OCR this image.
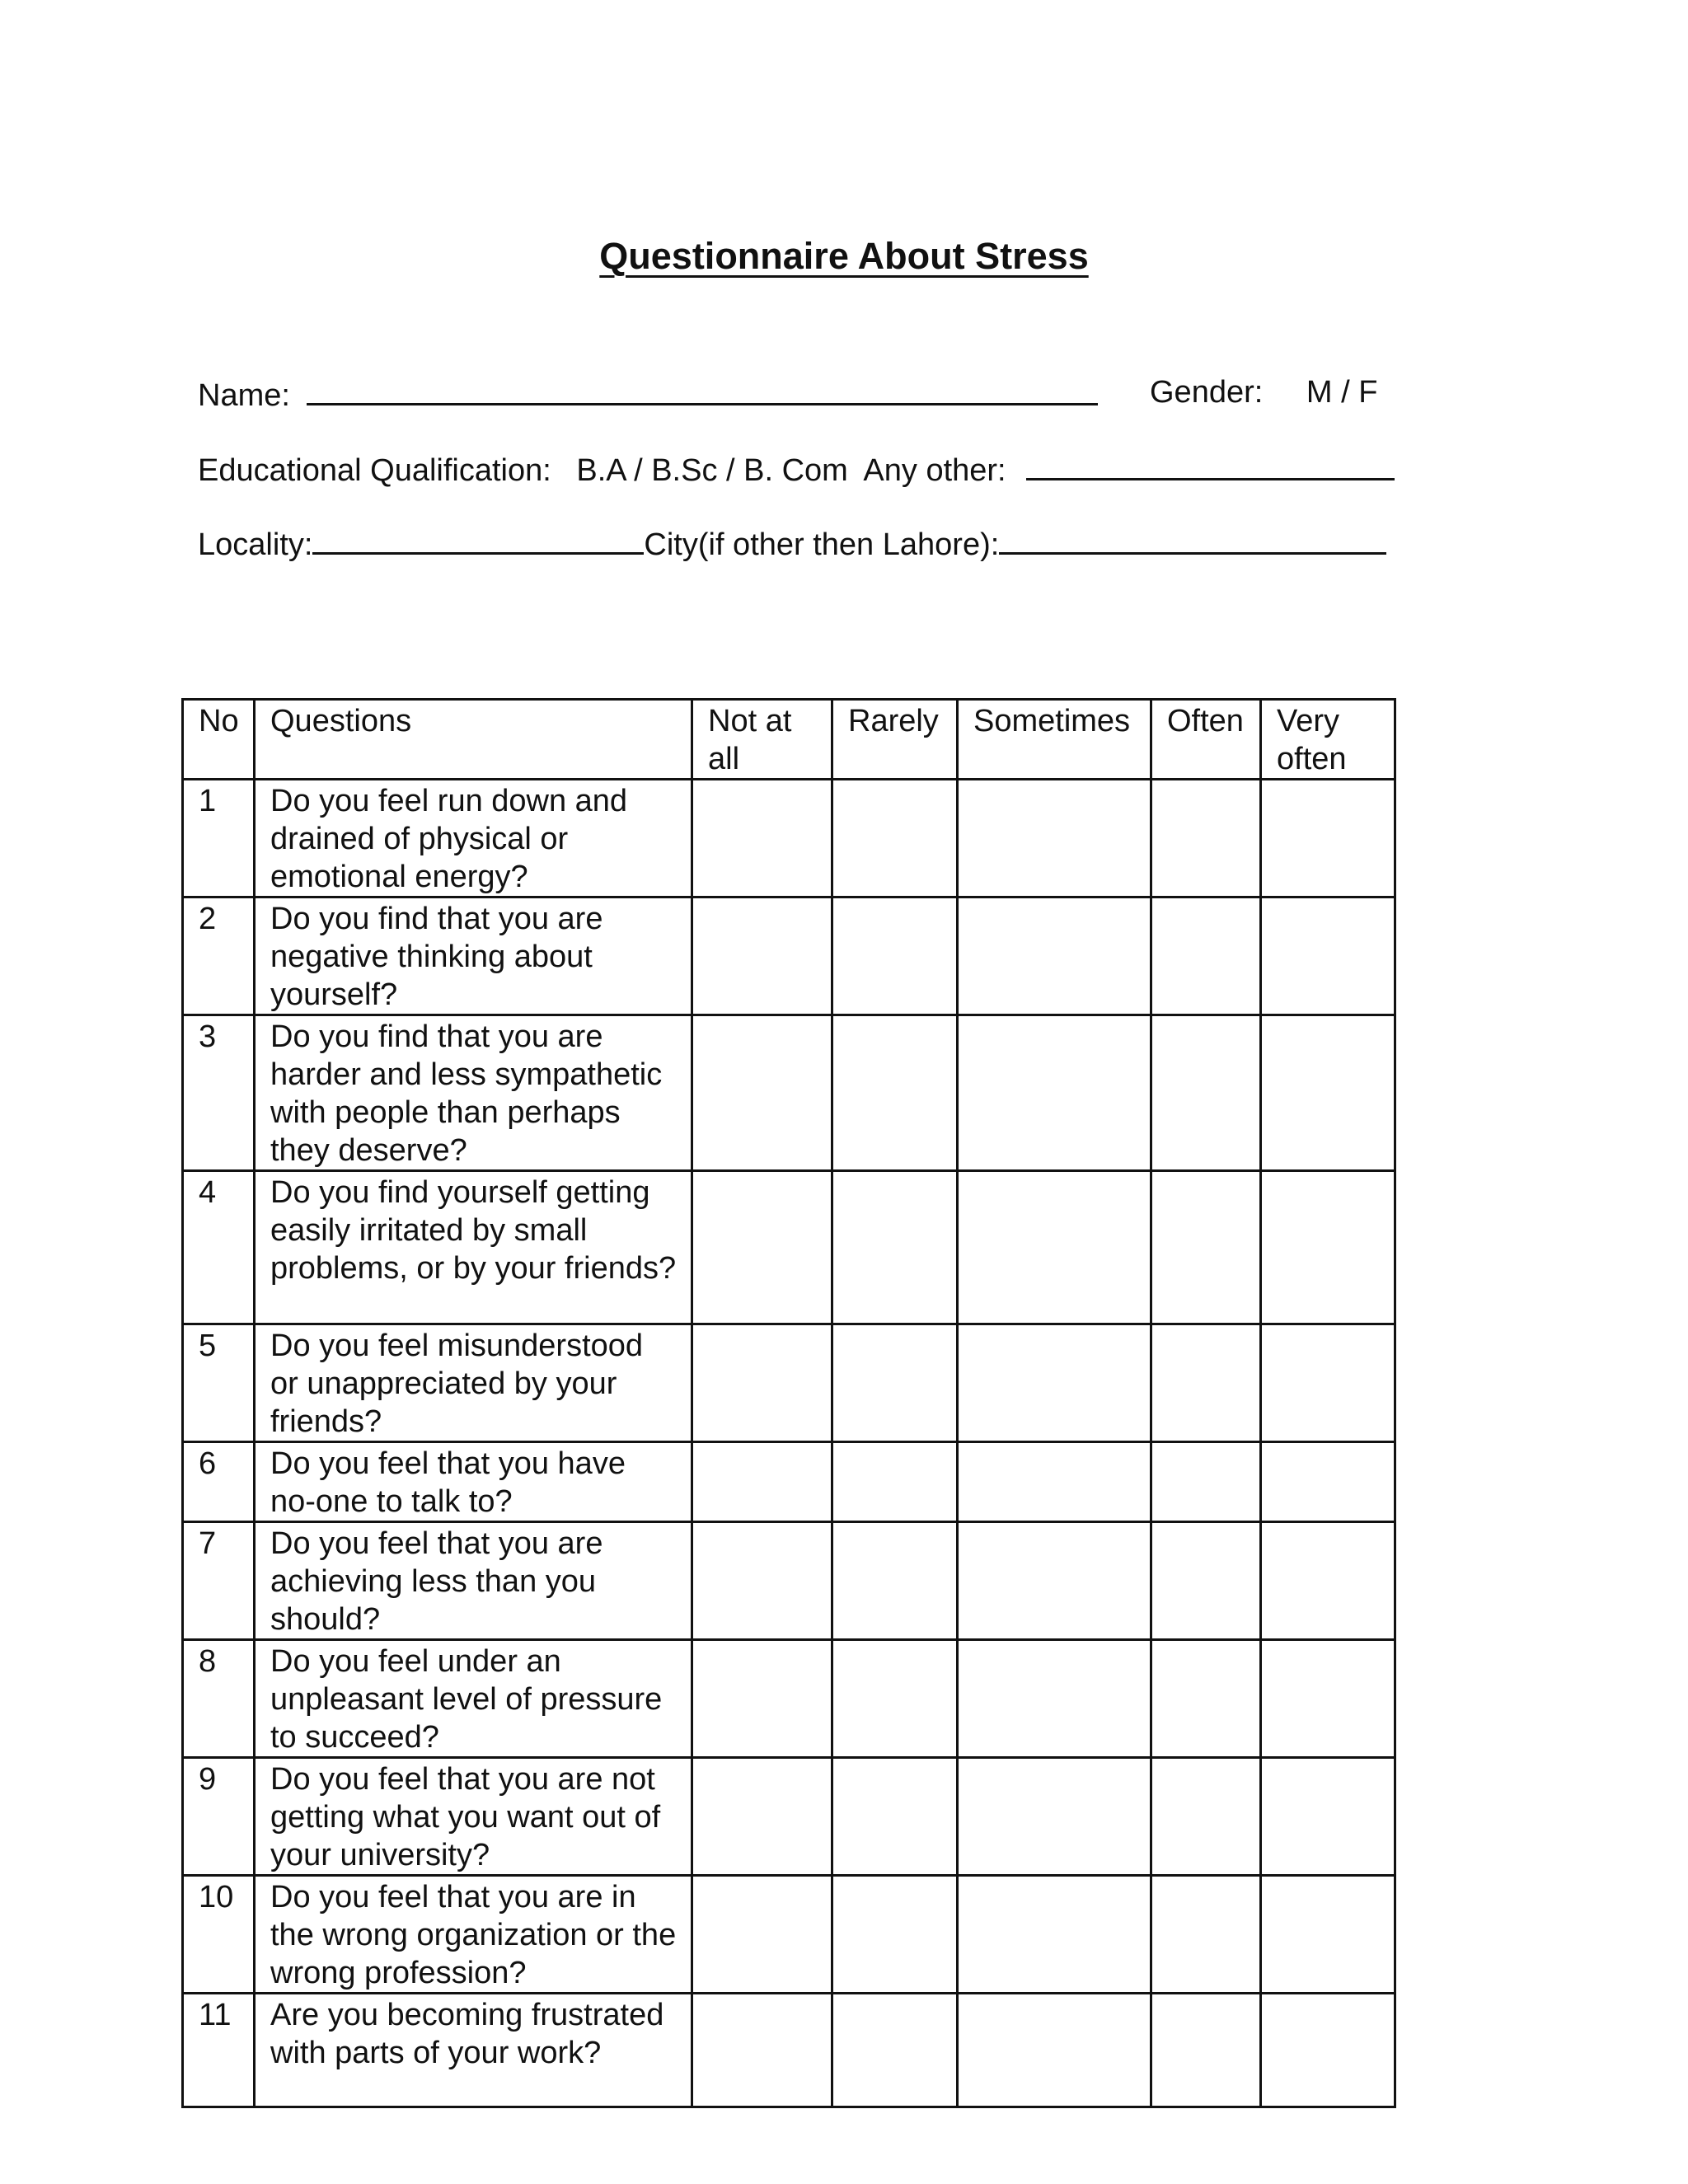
Questionnaire About Stress
Name:	Gender: M / F
Educational Qualification: B.A / B.Sc / B. Com Any other:
Locality:	City(if other then Lahore):
No	Questions	Not at all	Rarely	Sometimes	Often	Very often
1	Do you feel run down and drained of physical or emotional energy?					
2	Do you find that you are negative thinking about yourself?					
3	Do you find that you are harder and less sympathetic with people than perhaps they deserve?					
4	Do you find yourself getting easily irritated by small problems, or by your friends?					
5	Do you feel misunderstood or unappreciated by your friends?					
6	Do you feel that you have no-one to talk to?					
7	Do you feel that you are achieving less than you should?					
8	Do you feel under an unpleasant level of pressure to succeed?					
9	Do you feel that you are not getting what you want out of your university?					
10	Do you feel that you are in the wrong organization or the wrong profession?					
11	Are you becoming frustrated with parts of your work?					
